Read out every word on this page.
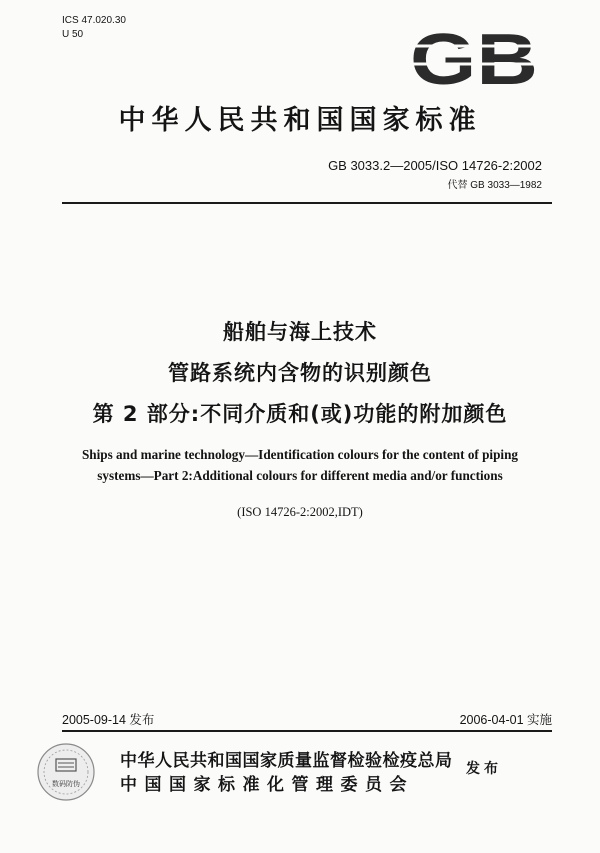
ICS 47.020.30
U 50	GB
中华人民共和国国家标准
GB 3033.2—2005/ISO 14726-2:2002
代替 GB 3033—1982
船舶与海上技术
管路系统内含物的识别颜色
第 2 部分:不同介质和(或)功能的附加颜色
Ships and marine technology—Identification colours for the content of piping
systems—Part 2:Additional colours for different media and/or functions
(ISO 14726-2:2002,IDT)
2005-09-14 发布	2006-04-01 实施
数码防伪
中华人民共和国国家质量监督检验检疫总局
中国国家标准化管理委员会
发布
